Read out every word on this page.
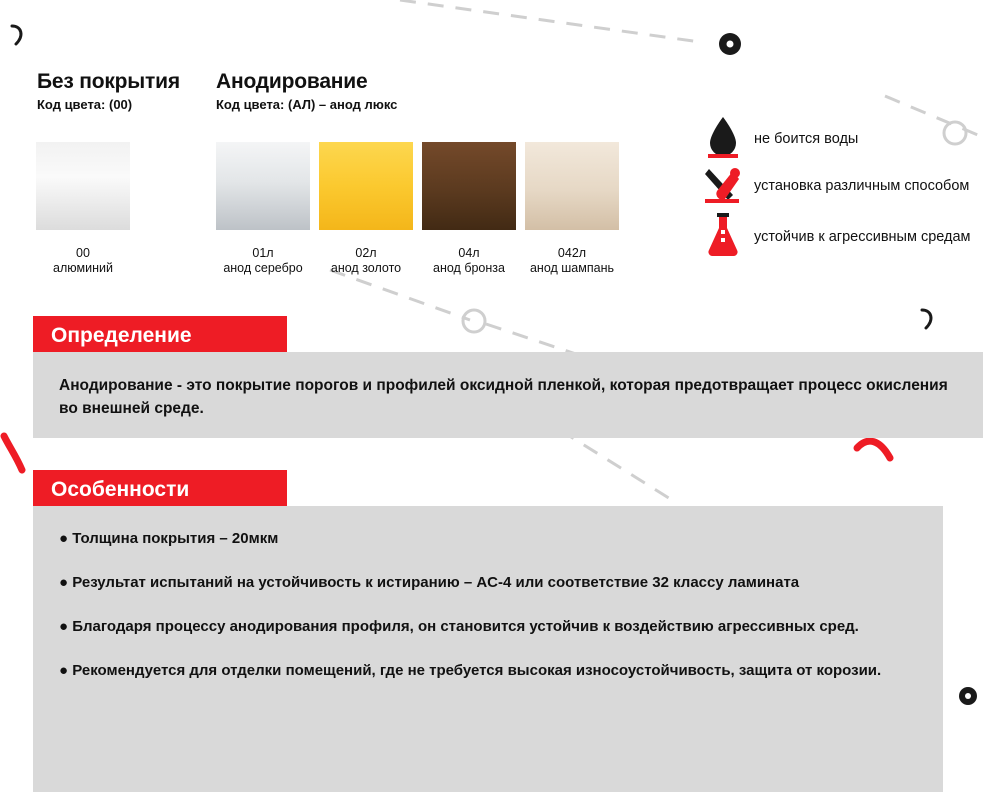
Без покрытия
Код цвета: (00)
Анодирование
Код цвета: (АЛ) – анод люкс
00
алюминий
01л
анод серебро
02л
анод золото
04л
анод бронза
042л
анод шампань
не боится воды
установка различным способом
устойчив к агрессивным средам
Определение

Анодирование - это покрытие порогов и профилей оксидной пленкой, которая предотвращает процесс окисления во внешней среде.

Особенности

● Толщина покрытия – 20мкм

● Результат испытаний на устойчивость к истиранию – AC-4 или соответствие 32 классу ламината

● Благодаря процессу анодирования профиля, он становится устойчив к воздействию агрессивных сред.

● Рекомендуется для отделки помещений, где не требуется высокая износоустойчивость, защита от корозии.
